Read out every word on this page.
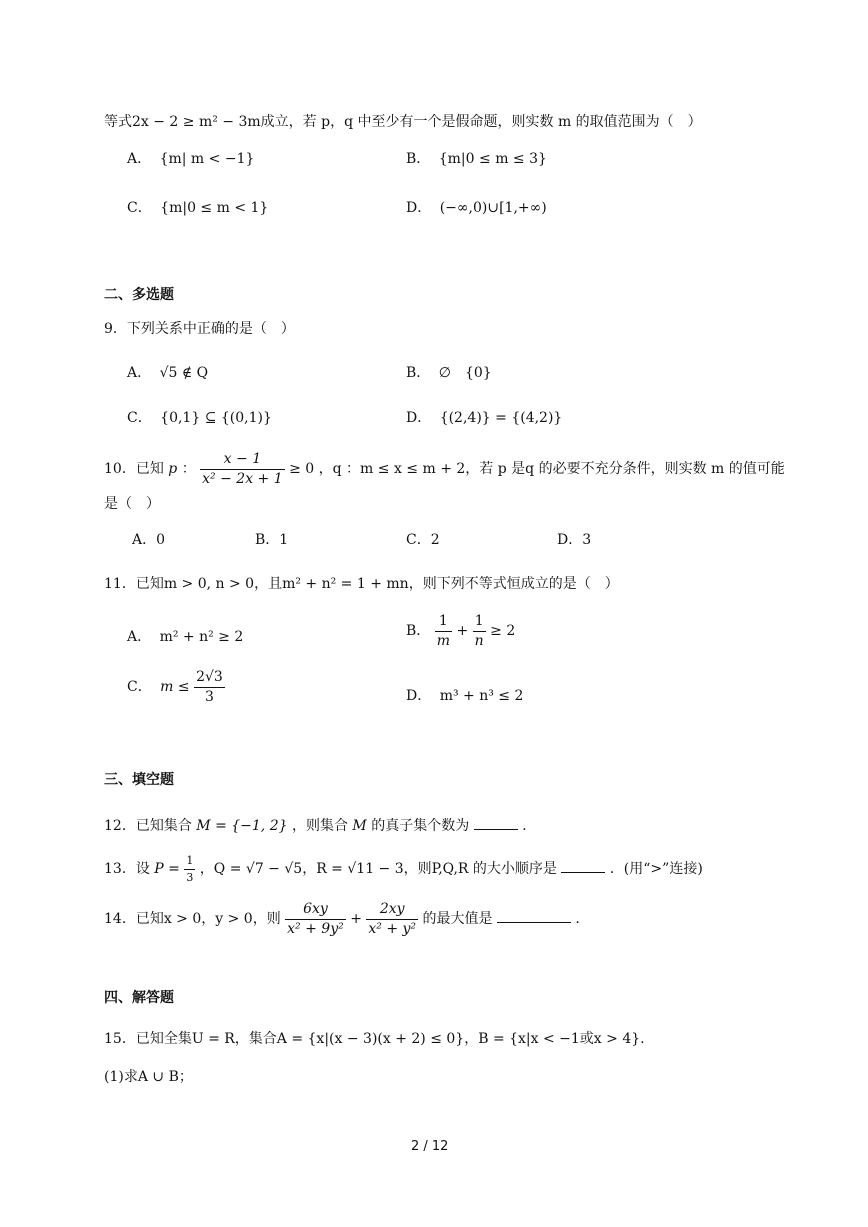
等式2x − 2 ≥ m² − 3m成立，若 p，q 中至少有一个是假命题，则实数 m 的取值范围为（　）
A． {m| m < −1}	B． {m|0 ≤ m ≤ 3}
C． {m|0 ≤ m < 1}	D． (−∞,0)∪[1,+∞)
二、多选题
9．下列关系中正确的是（　）
A． √5 ∉ Q	B． ∅　{0}
C． {0,1} ⊆ {(0,1)}	D． {(2,4)} = {(4,2)}
10．已知 p ： $\frac{x - 1}{\text{x² − 2x + 1}} \ge 0$ ，q ：m ≤ x ≤ m + 2，若 p 是q 的必要不充分条件，则实数 m 的值可能
是（　）
A．0	B．1	C．2	D．3
11．已知m > 0, n > 0，且m² + n² = 1 + mn，则下列不等式恒成立的是（　）
A． m² + n² ≥ 2	B． $\frac{1}{m} + \frac{1}{n} \ge 2$
C． $m \le \frac{2√3}{3}$	D． m³ + n³ ≤ 2
三、填空题
12．已知集合 M = {−1, 2} ，则集合 M 的真子集个数为	.
13．设 $P = \frac{1}{3}$ ，Q = √7 − √5，R = √11 − 3，则P,Q,R 的大小顺序是	．(用“>”连接)
14．已知x > 0，y > 0，则 $\frac{6xy}{\text{x² + 9y²}} + \frac{2xy}{\text{x² + y²}}$ 的最大值是	.
四、解答题
15．已知全集U = R，集合A = {x|(x − 3)(x + 2) ≤ 0}，B = {x|x < −1或x > 4}.
(1)求A ∪ B；
2 / 12
